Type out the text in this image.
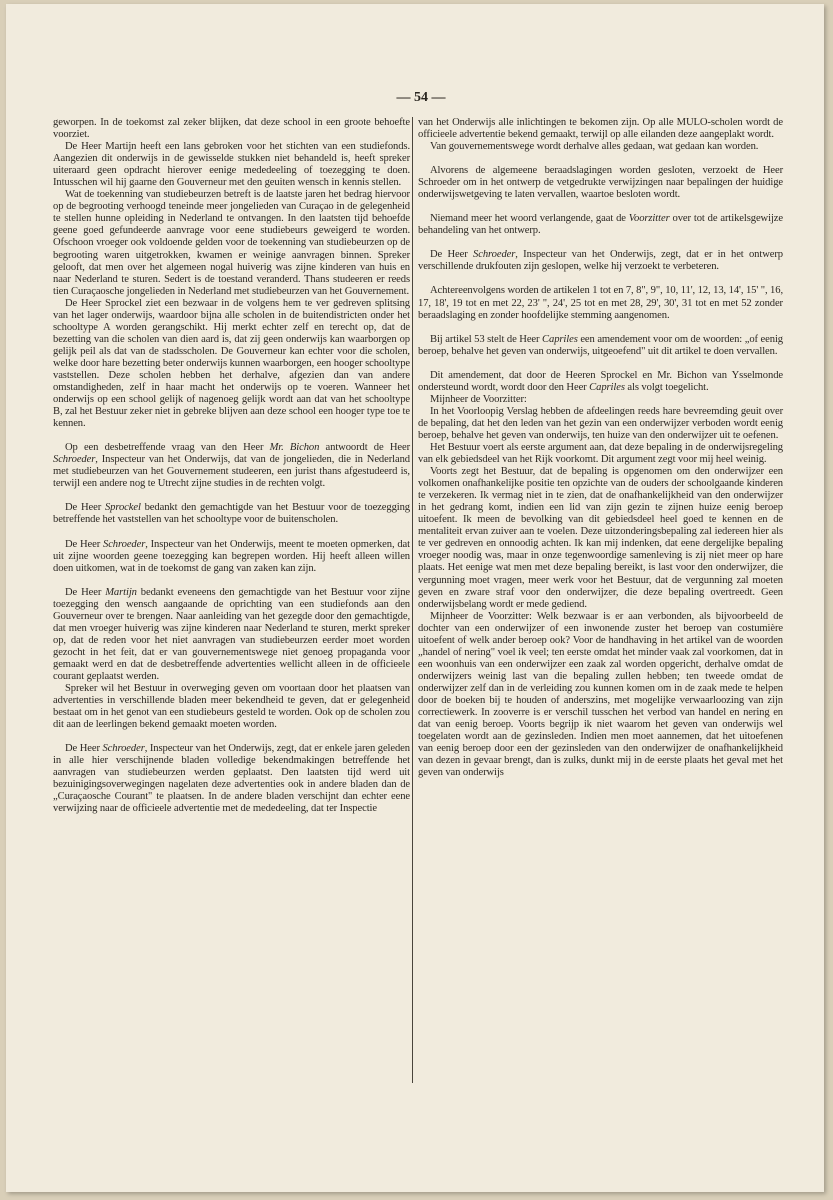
— 54 —

geworpen. In de toekomst zal zeker blijken, dat deze school in een groote behoefte voorziet.

De Heer Martijn heeft een lans gebroken voor het stichten van een studiefonds. Aangezien dit onderwijs in de gewisselde stukken niet behandeld is, heeft spreker uiteraard geen opdracht hierover eenige mededeeling of toezegging te doen. Intusschen wil hij gaarne den Gouverneur met den geuiten wensch in kennis stellen.

Wat de toekenning van studiebeurzen betreft is de laatste jaren het bedrag hiervoor op de begrooting verhoogd teneinde meer jongelieden van Curaçao in de gelegenheid te stellen hunne opleiding in Nederland te ontvangen. In den laatsten tijd behoefde geene goed gefundeerde aanvrage voor eene studiebeurs geweigerd te worden. Ofschoon vroeger ook voldoende gelden voor de toekenning van studiebeurzen op de begrooting waren uitgetrokken, kwamen er weinige aanvragen binnen. Spreker gelooft, dat men over het algemeen nogal huiverig was zijne kinderen van huis en naar Nederland te sturen. Sedert is de toestand veranderd. Thans studeeren er reeds tien Curaçaosche jongelieden in Nederland met studiebeurzen van het Gouvernement.

De Heer Sprockel ziet een bezwaar in de volgens hem te ver gedreven splitsing van het lager onderwijs, waardoor bijna alle scholen in de buitendistricten onder het schooltype A worden gerangschikt. Hij merkt echter zelf en terecht op, dat de bezetting van die scholen van dien aard is, dat zij geen onderwijs kan waarborgen op gelijk peil als dat van de stadsscholen. De Gouverneur kan echter voor die scholen, welke door hare bezetting beter onderwijs kunnen waarborgen, een hooger schooltype vaststellen. Deze scholen hebben het derhalve, afgezien dan van andere omstandigheden, zelf in haar macht het onderwijs op te voeren. Wanneer het onderwijs op een school gelijk of nagenoeg gelijk wordt aan dat van het schooltype B, zal het Bestuur zeker niet in gebreke blijven aan deze school een hooger type toe te kennen.

Op een desbetreffende vraag van den Heer Mr. Bichon antwoordt de Heer Schroeder, Inspecteur van het Onderwijs, dat van de jongelieden, die in Nederland met studiebeurzen van het Gouvernement studeeren, een jurist thans afgestudeerd is, terwijl een andere nog te Utrecht zijne studies in de rechten volgt.

De Heer Sprockel bedankt den gemachtigde van het Bestuur voor de toezegging betreffende het vaststellen van het schooltype voor de buitenscholen.

De Heer Schroeder, Inspecteur van het Onderwijs, meent te moeten opmerken, dat uit zijne woorden geene toezegging kan begrepen worden. Hij heeft alleen willen doen uitkomen, wat in de toekomst de gang van zaken kan zijn.

De Heer Martijn bedankt eveneens den gemachtigde van het Bestuur voor zijne toezegging den wensch aangaande de oprichting van een studiefonds aan den Gouverneur over te brengen. Naar aanleiding van het gezegde door den gemachtigde, dat men vroeger huiverig was zijne kinderen naar Nederland te sturen, merkt spreker op, dat de reden voor het niet aanvragen van studiebeurzen eerder moet worden gezocht in het feit, dat er van gouvernementswege niet genoeg propaganda voor gemaakt werd en dat de desbetreffende advertenties wellicht alleen in de officieele courant geplaatst werden.

Spreker wil het Bestuur in overweging geven om voortaan door het plaatsen van advertenties in verschillende bladen meer bekendheid te geven, dat er gelegenheid bestaat om in het genot van een studiebeurs gesteld te worden. Ook op de scholen zou dit aan de leerlingen bekend gemaakt moeten worden.

De Heer Schroeder, Inspecteur van het Onderwijs, zegt, dat er enkele jaren geleden in alle hier verschijnende bladen volledige bekendmakingen betreffende het aanvragen van studiebeurzen werden geplaatst. Den laatsten tijd werd uit bezuinigingsoverwegingen nagelaten deze advertenties ook in andere bladen dan de „Curaçaosche Courant" te plaatsen. In de andere bladen verschijnt dan echter eene verwijzing naar de officieele advertentie met de mededeeling, dat ter Inspectie

van het Onderwijs alle inlichtingen te bekomen zijn. Op alle MULO-scholen wordt de officieele advertentie bekend gemaakt, terwijl op alle eilanden deze aangeplakt wordt.

Van gouvernementswege wordt derhalve alles gedaan, wat gedaan kan worden.

Alvorens de algemeene beraadslagingen worden gesloten, verzoekt de Heer Schroeder om in het ontwerp de vetgedrukte verwijzingen naar bepalingen der huidige onderwijswetgeving te laten vervallen, waartoe besloten wordt.

Niemand meer het woord verlangende, gaat de Voorzitter over tot de artikelsgewijze behandeling van het ontwerp.

De Heer Schroeder, Inspecteur van het Onderwijs, zegt, dat er in het ontwerp verschillende drukfouten zijn geslopen, welke hij verzoekt te verbeteren.

Achtereenvolgens worden de artikelen 1 tot en 7, 8", 9", 10, 11', 12, 13, 14', 15' ", 16, 17, 18', 19 tot en met 22, 23' ", 24', 25 tot en met 28, 29', 30', 31 tot en met 52 zonder beraadslaging en zonder hoofdelijke stemming aangenomen.

Bij artikel 53 stelt de Heer Capriles een amendement voor om de woorden: „of eenig beroep, behalve het geven van onderwijs, uitgeoefend" uit dit artikel te doen vervallen.

Dit amendement, dat door de Heeren Sprockel en Mr. Bichon van Ysselmonde ondersteund wordt, wordt door den Heer Capriles als volgt toegelicht.

Mijnheer de Voorzitter:

In het Voorloopig Verslag hebben de afdeelingen reeds hare bevreemding geuit over de bepaling, dat het den leden van het gezin van een onderwijzer verboden wordt eenig beroep, behalve het geven van onderwijs, ten huize van den onderwijzer uit te oefenen.

Het Bestuur voert als eerste argument aan, dat deze bepaling in de onderwijsregeling van elk gebiedsdeel van het Rijk voorkomt. Dit argument zegt voor mij heel weinig.

Voorts zegt het Bestuur, dat de bepaling is opgenomen om den onderwijzer een volkomen onafhankelijke positie ten opzichte van de ouders der schoolgaande kinderen te verzekeren. Ik vermag niet in te zien, dat de onafhankelijkheid van den onderwijzer in het gedrang komt, indien een lid van zijn gezin te zijnen huize eenig beroep uitoefent. Ik meen de bevolking van dit gebiedsdeel heel goed te kennen en de mentaliteit ervan zuiver aan te voelen. Deze uitzonderingsbepaling zal iedereen hier als te ver gedreven en onnoodig achten. Ik kan mij indenken, dat eene dergelijke bepaling vroeger noodig was, maar in onze tegenwoordige samenleving is zij niet meer op hare plaats. Het eenige wat men met deze bepaling bereikt, is last voor den onderwijzer, die vergunning moet vragen, meer werk voor het Bestuur, dat de vergunning zal moeten geven en zware straf voor den onderwijzer, die deze bepaling overtreedt. Geen onderwijsbelang wordt er mede gediend.

Mijnheer de Voorzitter: Welk bezwaar is er aan verbonden, als bijvoorbeeld de dochter van een onderwijzer of een inwonende zuster het beroep van costumière uitoefent of welk ander beroep ook? Voor de handhaving in het artikel van de woorden „handel of nering" voel ik veel; ten eerste omdat het minder vaak zal voorkomen, dat in een woonhuis van een onderwijzer een zaak zal worden opgericht, derhalve omdat de onderwijzers weinig last van die bepaling zullen hebben; ten tweede omdat de onderwijzer zelf dan in de verleiding zou kunnen komen om in de zaak mede te helpen door de boeken bij te houden of anderszins, met mogelijke verwaarloozing van zijn correctiewerk. In zooverre is er verschil tusschen het verbod van handel en nering en dat van eenig beroep. Voorts begrijp ik niet waarom het geven van onderwijs wel toegelaten wordt aan de gezinsleden. Indien men moet aannemen, dat het uitoefenen van eenig beroep door een der gezinsleden van den onderwijzer de onafhankelijkheid van dezen in gevaar brengt, dan is zulks, dunkt mij in de eerste plaats het geval met het geven van onderwijs
